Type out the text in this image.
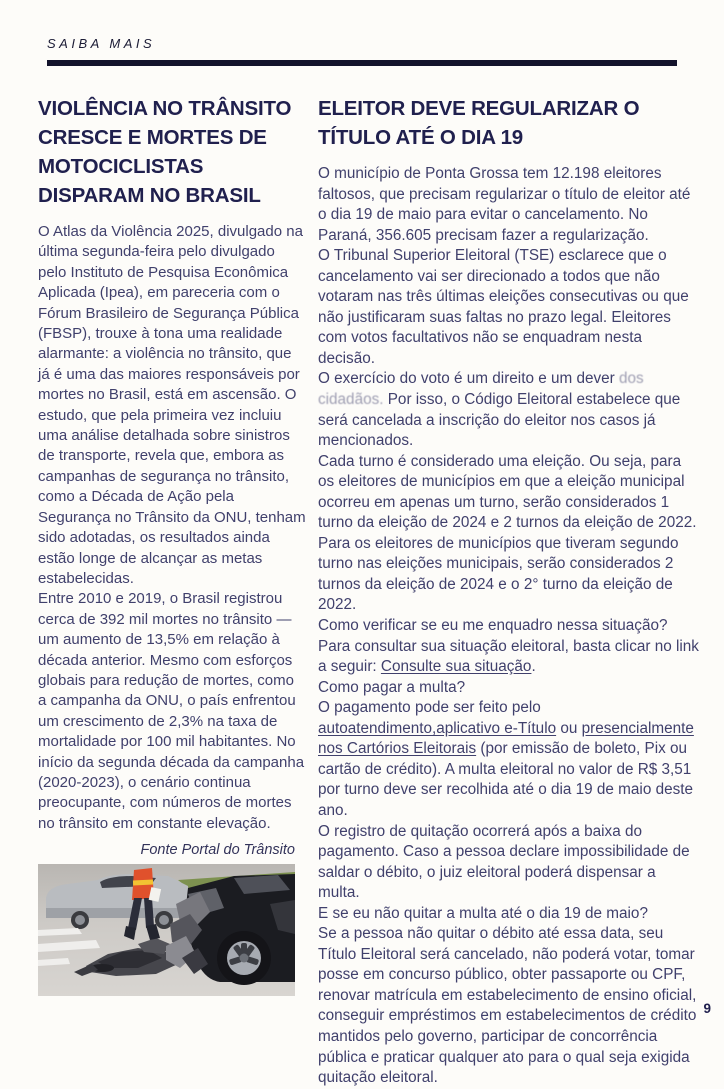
SAIBA MAIS
VIOLÊNCIA NO TRÂNSITO CRESCE E MORTES DE MOTOCICLISTAS DISPARAM NO BRASIL

O Atlas da Violência 2025, divulgado na última segunda-feira pelo divulgado pelo Instituto de Pesquisa Econômica Aplicada (Ipea), em pareceria com o Fórum Brasileiro de Segurança Pública (FBSP), trouxe à tona uma realidade alarmante: a violência no trânsito, que já é uma das maiores responsáveis por mortes no Brasil, está em ascensão. O estudo, que pela primeira vez incluiu uma análise detalhada sobre sinistros de transporte, revela que, embora as campanhas de segurança no trânsito, como a Década de Ação pela Segurança no Trânsito da ONU, tenham sido adotadas, os resultados ainda estão longe de alcançar as metas estabelecidas.

Entre 2010 e 2019, o Brasil registrou cerca de 392 mil mortes no trânsito — um aumento de 13,5% em relação à década anterior. Mesmo com esforços globais para redução de mortes, como a campanha da ONU, o país enfrentou um crescimento de 2,3% na taxa de mortalidade por 100 mil habitantes. No início da segunda década da campanha (2020-2023), o cenário continua preocupante, com números de mortes no trânsito em constante elevação.

Fonte Portal do Trânsito
ELEITOR DEVE REGULARIZAR O TÍTULO ATÉ O DIA 19

O município de Ponta Grossa tem 12.198 eleitores faltosos, que precisam regularizar o título de eleitor até o dia 19 de maio para evitar o cancelamento. No Paraná, 356.605 precisam fazer a regularização.

O Tribunal Superior Eleitoral (TSE) esclarece que o cancelamento vai ser direcionado a todos que não votaram nas três últimas eleições consecutivas ou que não justificaram suas faltas no prazo legal. Eleitores com votos facultativos não se enquadram nesta decisão.

O exercício do voto é um direito e um dever dos cidadãos. Por isso, o Código Eleitoral estabelece que será cancelada a inscrição do eleitor nos casos já mencionados.

Cada turno é considerado uma eleição. Ou seja, para os eleitores de municípios em que a eleição municipal ocorreu em apenas um turno, serão considerados 1 turno da eleição de 2024 e 2 turnos da eleição de 2022. Para os eleitores de municípios que tiveram segundo turno nas eleições municipais, serão considerados 2 turnos da eleição de 2024 e o 2° turno da eleição de 2022.

Como verificar se eu me enquadro nessa situação?

Para consultar sua situação eleitoral, basta clicar no link a seguir: Consulte sua situação.

Como pagar a multa?

O pagamento pode ser feito pelo autoatendimento,aplicativo e-Título ou presencialmente nos Cartórios Eleitorais (por emissão de boleto, Pix ou cartão de crédito). A multa eleitoral no valor de R$ 3,51 por turno deve ser recolhida até o dia 19 de maio deste ano.

O registro de quitação ocorrerá após a baixa do pagamento. Caso a pessoa declare impossibilidade de saldar o débito, o juiz eleitoral poderá dispensar a multa.

E se eu não quitar a multa até o dia 19 de maio?

Se a pessoa não quitar o débito até essa data, seu Título Eleitoral será cancelado, não poderá votar, tomar posse em concurso público, obter passaporte ou CPF, renovar matrícula em estabelecimento de ensino oficial, conseguir empréstimos em estabelecimentos de crédito mantidos pelo governo, participar de concorrência pública e praticar qualquer ato para o qual seja exigida quitação eleitoral.

9
